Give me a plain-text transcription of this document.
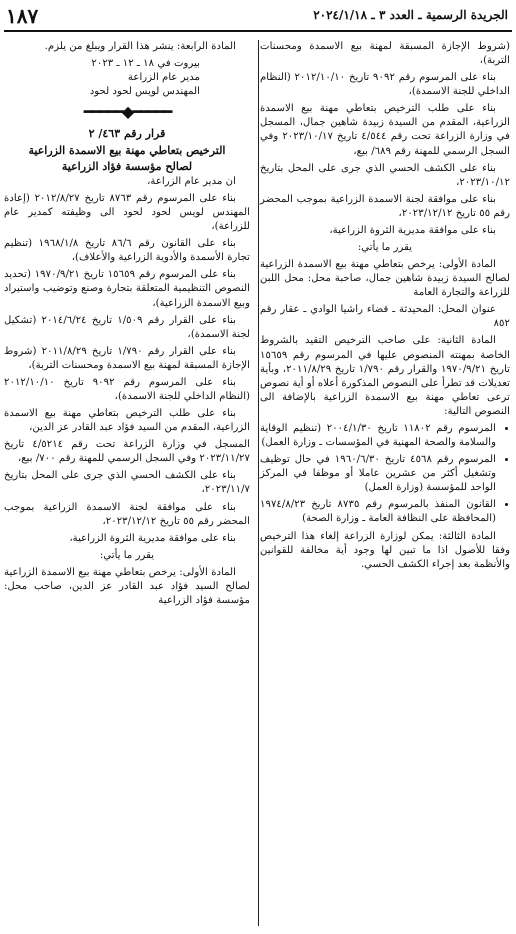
١٨٧	الجريدة الرسمية ـ العدد ٣ ـ ٢٠٢٤/١/١٨

(شروط الإجازة المسبقة لمهنة بيع الاسمدة ومحسنات التربة)،

بناء على المرسوم رقم ٩٠٩٢ تاريخ ٢٠١٢/١٠/١٠ (النظام الداخلي للجنة الاسمدة)،

بناء على طلب الترخيص بتعاطي مهنة بيع الاسمدة الزراعية، المقدم من السيدة زبيدة شاهين جمال، المسجل في وزارة الزراعة تحت رقم ٤/٥٤٤ تاريخ ٢٠٢٣/١٠/١٧ وفي السجل الرسمي للمهنة رقم ٦٨٩/ بيع،

بناء على الكشف الحسي الذي جرى على المحل بتاريخ ٢٠٢٣/١٠/١٢،

بناء على موافقة لجنة الاسمدة الزراعية بموجب المحضر رقم ٥٥ تاريخ ٢٠٢٣/١٢/١٢،

بناء على موافقة مديرية الثروة الزراعية،

يقرر ما يأتي:

المادة الأولى: يرخص بتعاطي مهنة بيع الاسمدة الزراعية لصالح السيدة زبيدة شاهين جمال، صاحبة محل: محل اللبن للزراعة والتجارة العامة

عنوان المحل: المحيدثة ـ قضاء راشيا الوادي ـ عقار رقم ٨٥٢

المادة الثانية: على صاحب الترخيص التقيد بالشروط الخاصة بمهنته المنصوص عليها في المرسوم رقم ١٥٦٥٩ تاريخ ١٩٧٠/٩/٢١ والقرار رقم ١/٧٩٠ تاريخ ٢٠١١/٨/٢٩، وبأية تعديلات قد تطرأ على النصوص المذكورة أعلاه أو أية نصوص ترعى تعاطي مهنة بيع الاسمدة الزراعية بالإضافة الى النصوص التالية:

• المرسوم رقم ١١٨٠٢ تاريخ ٢٠٠٤/١/٣٠ (تنظيم الوقاية والسلامة والصحة المهنية في المؤسسات ـ وزارة العمل)
• المرسوم رقم ٤٥٦٨ تاريخ ١٩٦٠/٦/٣٠ في حال توظيف وتشغيل أكثر من عشرين عاملا أو موظفا في المركز الواحد للمؤسسة (وزارة العمل)
• القانون المنفذ بالمرسوم رقم ٨٧٣٥ تاريخ ١٩٧٤/٨/٢٣ (المحافظة على النظافة العامة ـ وزارة الصحة)

المادة الثالثة: يمكن لوزارة الزراعة إلغاء هذا الترخيص وفقا للأصول اذا ما تبين لها وجود أية مخالفة للقوانين والأنظمة بعد إجراء الكشف الحسي.

المادة الرابعة: ينشر هذا القرار ويبلغ من يلزم.

بيروت في ١٨ ـ ١٢ ـ ٢٠٢٣
مدير عام الزراعة
المهندس لويس لحود لحود
━━━━━◆━━━━━

قرار رقم ٤٦٣/ ٢

الترخيص بتعاطي مهنة بيع الاسمدة الزراعية

لصالح مؤسسة فؤاد الزراعية

ان مدير عام الزراعة،

بناء على المرسوم رقم ٨٧٦٣ تاريخ ٢٠١٢/٨/٢٧ (إعادة المهندس لويس لحود لحود الى وظيفته كمدير عام للزراعة)،

بناء على القانون رقم ٨٦/٦ تاريخ ١٩٦٨/١/٨ (تنظيم تجارة الأسمدة والأدوية الزراعية والأعلاف)،

بناء على المرسوم رقم ١٥٦٥٩ تاريخ ١٩٧٠/٩/٢١ (تحديد النصوص التنظيمية المتعلقة بتجارة وصنع وتوضيب واستيراد وبيع الاسمدة الزراعية)،

بناء على القرار رقم ١/٥٠٩ تاريخ ٢٠١٤/٦/٢٤ (تشكيل لجنة الاسمدة)،

بناء على القرار رقم ١/٧٩٠ تاريخ ٢٠١١/٨/٢٩ (شروط الإجازة المسبقة لمهنة بيع الاسمدة ومحسنات التربة)،

بناء على المرسوم رقم ٩٠٩٢ تاريخ ٢٠١٢/١٠/١٠ (النظام الداخلي للجنة الاسمدة)،

بناء على طلب الترخيص بتعاطي مهنة بيع الاسمدة الزراعية، المقدم من السيد فؤاد عبد القادر عز الدين،

المسجل في وزارة الزراعة تحت رقم ٤/٥٢١٤ تاريخ ٢٠٢٣/١١/٢٧ وفي السجل الرسمي للمهنة رقم ٧٠٠/ بيع،

بناء على الكشف الحسي الذي جرى على المحل بتاريخ ٢٠٢٣/١١/٧،

بناء على موافقة لجنة الاسمدة الزراعية بموجب المحضر رقم ٥٥ تاريخ ٢٠٢٣/١٢/١٢،

بناء على موافقة مديرية الثروة الزراعية،

يقرر ما يأتي:

المادة الأولى: يرخص بتعاطي مهنة بيع الاسمدة الزراعية لصالح السيد فؤاد عبد القادر عز الدين، صاحب محل: مؤسسة فؤاد الزراعية
